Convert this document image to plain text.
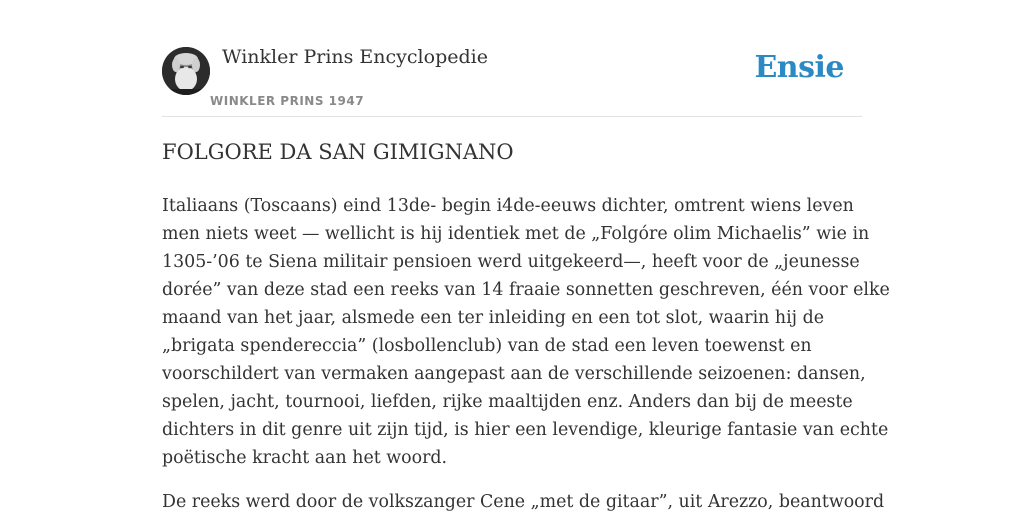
Winkler Prins Encyclopedie
WINKLER PRINS 1947
Ensie
FOLGORE DA SAN GIMIGNANO

Italiaans (Toscaans) eind 13de- begin i4de-eeuws dichter, omtrent wiens leven
men niets weet — wellicht is hij identiek met de „Folgóre olim Michaelis” wie in
1305-’06 te Siena militair pensioen werd uitgekeerd—, heeft voor de „jeunesse
dorée” van deze stad een reeks van 14 fraaie sonnetten geschreven, één voor elke
maand van het jaar, alsmede een ter inleiding en een tot slot, waarin hij de
„brigata spendereccia” (losbollenclub) van de stad een leven toewenst en
voorschildert van vermaken aangepast aan de verschillende seizoenen: dansen,
spelen, jacht, tournooi, liefden, rijke maaltijden enz. Anders dan bij de meeste
dichters in dit genre uit zijn tijd, is hier een levendige, kleurige fantasie van echte
poëtische kracht aan het woord.

De reeks werd door de volkszanger Cene „met de gitaar”, uit Arezzo, beantwoord
